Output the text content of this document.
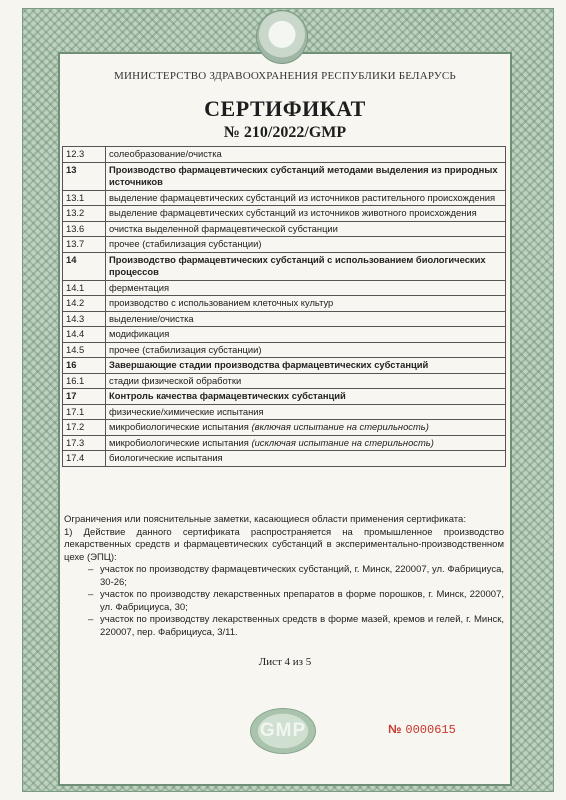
МИНИСТЕРСТВО ЗДРАВООХРАНЕНИЯ РЕСПУБЛИКИ БЕЛАРУСЬ
СЕРТИФИКАТ
№ 210/2022/GMP
12.3	солеобразование/очистка
13	Производство фармацевтических субстанций методами выделения из природных источников
13.1	выделение фармацевтических субстанций из источников растительного происхождения
13.2	выделение фармацевтических субстанций из источников животного происхождения
13.6	очистка выделенной фармацевтической субстанции
13.7	прочее (стабилизация субстанции)
14	Производство фармацевтических субстанций с использованием биологических процессов
14.1	ферментация
14.2	производство с использованием клеточных культур
14.3	выделение/очистка
14.4	модификация
14.5	прочее (стабилизация субстанции)
16	Завершающие стадии производства фармацевтических субстанций
16.1	стадии физической обработки
17	Контроль качества фармацевтических субстанций
17.1	физические/химические испытания
17.2	микробиологические испытания (включая испытание на стерильность)
17.3	микробиологические испытания (исключая испытание на стерильность)
17.4	биологические испытания

Ограничения или пояснительные заметки, касающиеся области применения сертификата:

1) Действие данного сертификата распространяется на промышленное производство лекарственных средств и фармацевтических субстанций в экспериментально-производственном цехе (ЭПЦ):

– участок по производству фармацевтических субстанций, г. Минск, 220007, ул. Фабрициуса, 30-26;
– участок по производству лекарственных препаратов в форме порошков, г. Минск, 220007, ул. Фабрициуса, 30;
– участок по производству лекарственных средств в форме мазей, кремов и гелей, г. Минск, 220007, пер. Фабрициуса, 3/11.
Лист 4 из 5
GMP	№ 0000615
